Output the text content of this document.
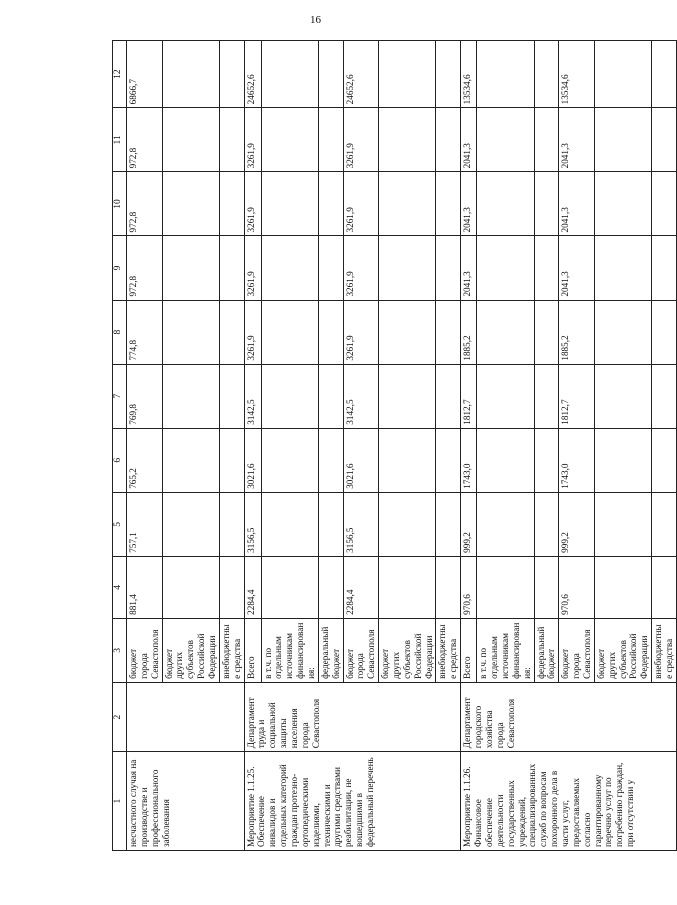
16
1	2	3	4	5	6	7	8	9	10	11	12
несчастного случая на производстве и профессионального заболевания		бюджет города Севастополя	881,4	757,1	765,2	769,8	774,8	972,8	972,8	972,8	6866,7
		бюджет других субъектов Российской Федерации									
		внебюджетные средства									
Мероприятие 1.1.25. Обеспечение инвалидов и отдельных категорий граждан протезно-ортопедическими изделиями, техническими и другими средствами реабилитации, не вошедшими в федеральный перечень	Департамент труда и социальной защиты населения города Севастополя	Всего	2284,4	3156,5	3021,6	3142,5	3261,9	3261,9	3261,9	3261,9	24652,6
		в т.ч. по отдельным источникам финансирования:									
		федеральный бюджет									
		бюджет города Севастополя	2284,4	3156,5	3021,6	3142,5	3261,9	3261,9	3261,9	3261,9	24652,6
		бюджет других субъектов Российской Федерации									
		внебюджетные средства									
Мероприятие 1.1.26. Финансовое обеспечение деятельности государственных учреждений, специализированных служб по вопросам похоронного дела в части услуг, предоставляемых согласно гарантированному перечню услуг по погребению граждан, при отсутствии у	Департамент городского хозяйства города Севастополя	Всего	970,6	999,2	1743,0	1812,7	1885,2	2041,3	2041,3	2041,3	13534,6
		в т.ч. по отдельным источникам финансирования:									
		федеральный бюджет									
		бюджет города Севастополя	970,6	999,2	1743,0	1812,7	1885,2	2041,3	2041,3	2041,3	13534,6
		бюджет других субъектов Российской Федерации									
		внебюджетные средства									
